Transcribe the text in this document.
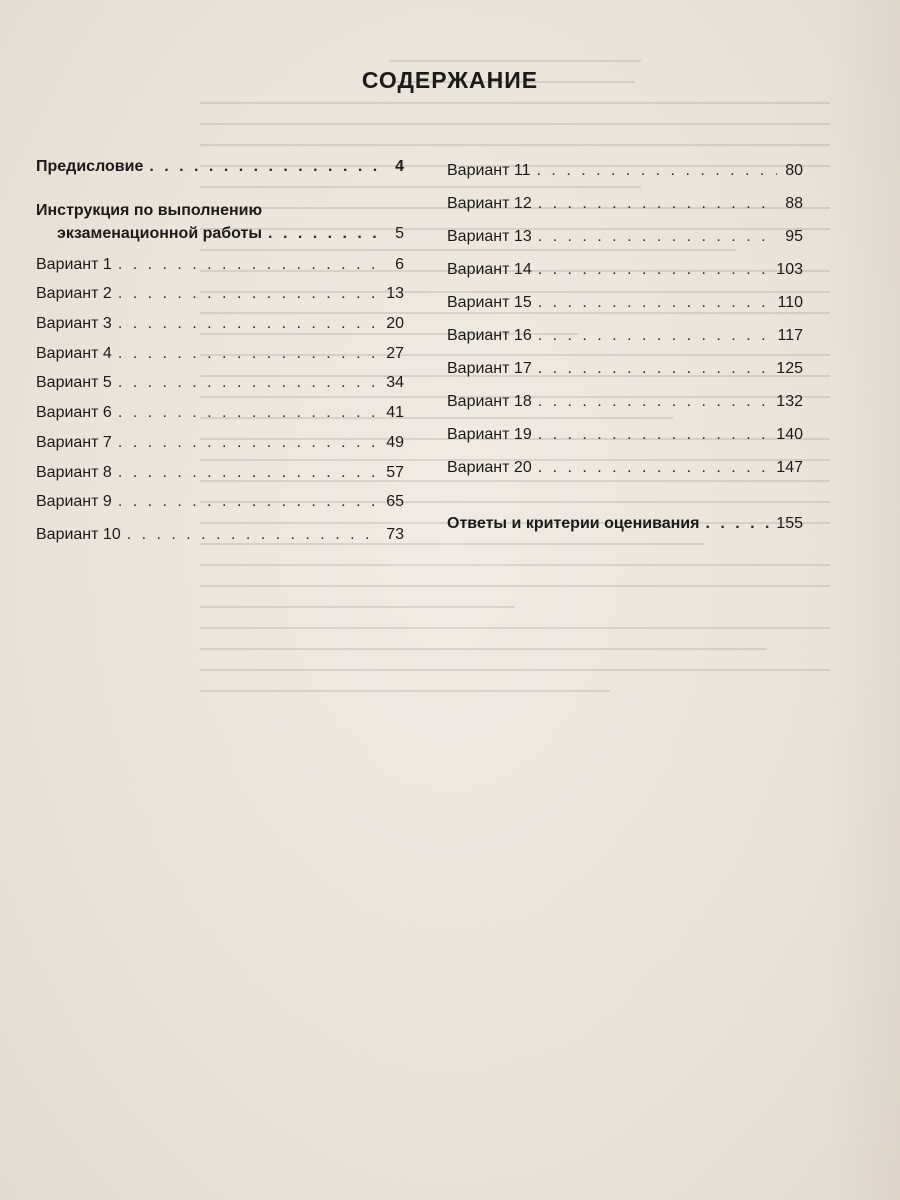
СОДЕРЖАНИЕ
Предисловие . . .	4
Инструкция по выполнению
экзаменационной работы . . .	5
Вариант 1 . . .	6
Вариант 2 . . .	13
Вариант 3 . . .	20
Вариант 4 . . .	27
Вариант 5 . . .	34
Вариант 6 . . .	41
Вариант 7 . . .	49
Вариант 8 . . .	57
Вариант 9 . . .	65
Вариант 10 . . .	73
Вариант 11 . . .	80
Вариант 12 . . .	88
Вариант 13 . . .	95
Вариант 14 . . .	103
Вариант 15 . . .	110
Вариант 16 . . .	117
Вариант 17 . . .	125
Вариант 18 . . .	132
Вариант 19 . . .	140
Вариант 20 . . .	147
Ответы и критерии оценивания . . .	155
